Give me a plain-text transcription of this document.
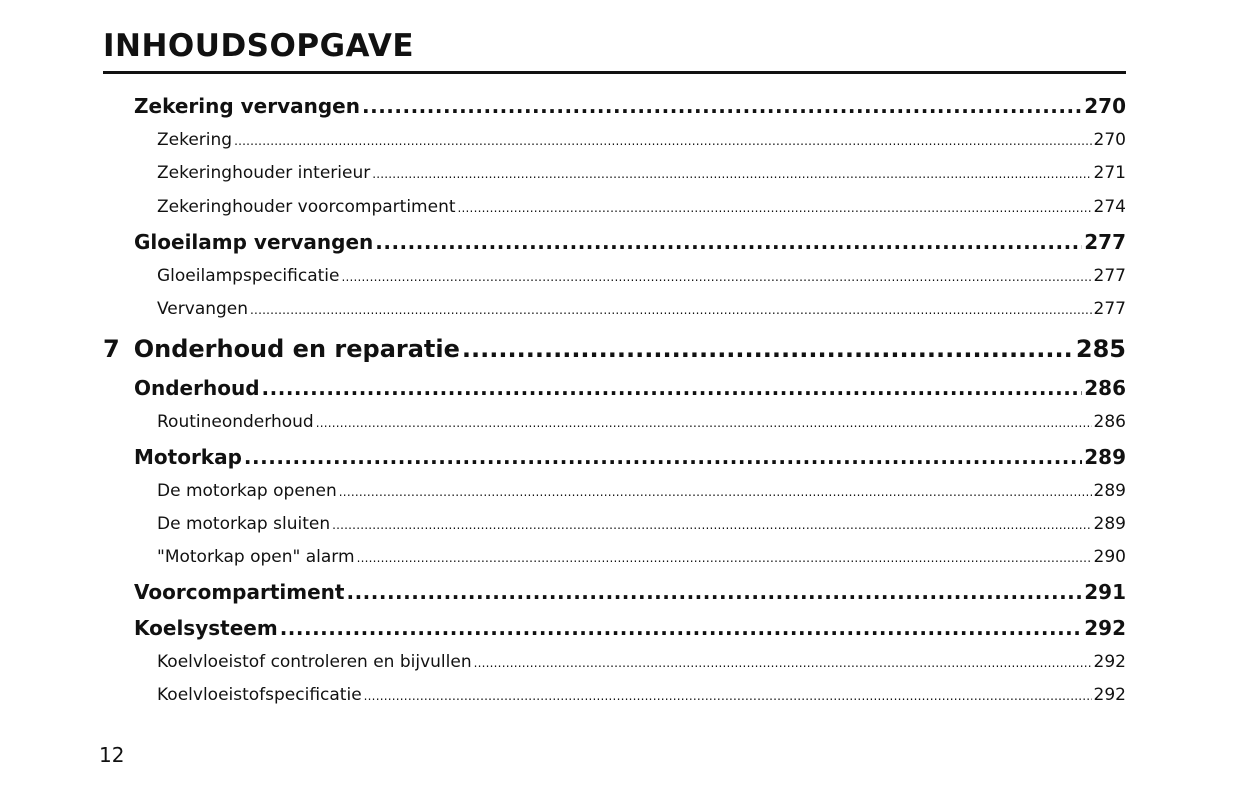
INHOUDSOPGAVE
Zekering vervangen .....	270
Zekering .....	270
Zekeringhouder interieur .....	271
Zekeringhouder voorcompartiment .....	274
Gloeilamp vervangen .....	277
Gloeilampspecificatie .....	277
Vervangen .....	277
7 Onderhoud en reparatie .....	285
Onderhoud .....	286
Routineonderhoud .....	286
Motorkap .....	289
De motorkap openen .....	289
De motorkap sluiten .....	289
"Motorkap open" alarm .....	290
Voorcompartiment .....	291
Koelsysteem .....	292
Koelvloeistof controleren en bijvullen .....	292
Koelvloeistofspecificatie .....	292
12
